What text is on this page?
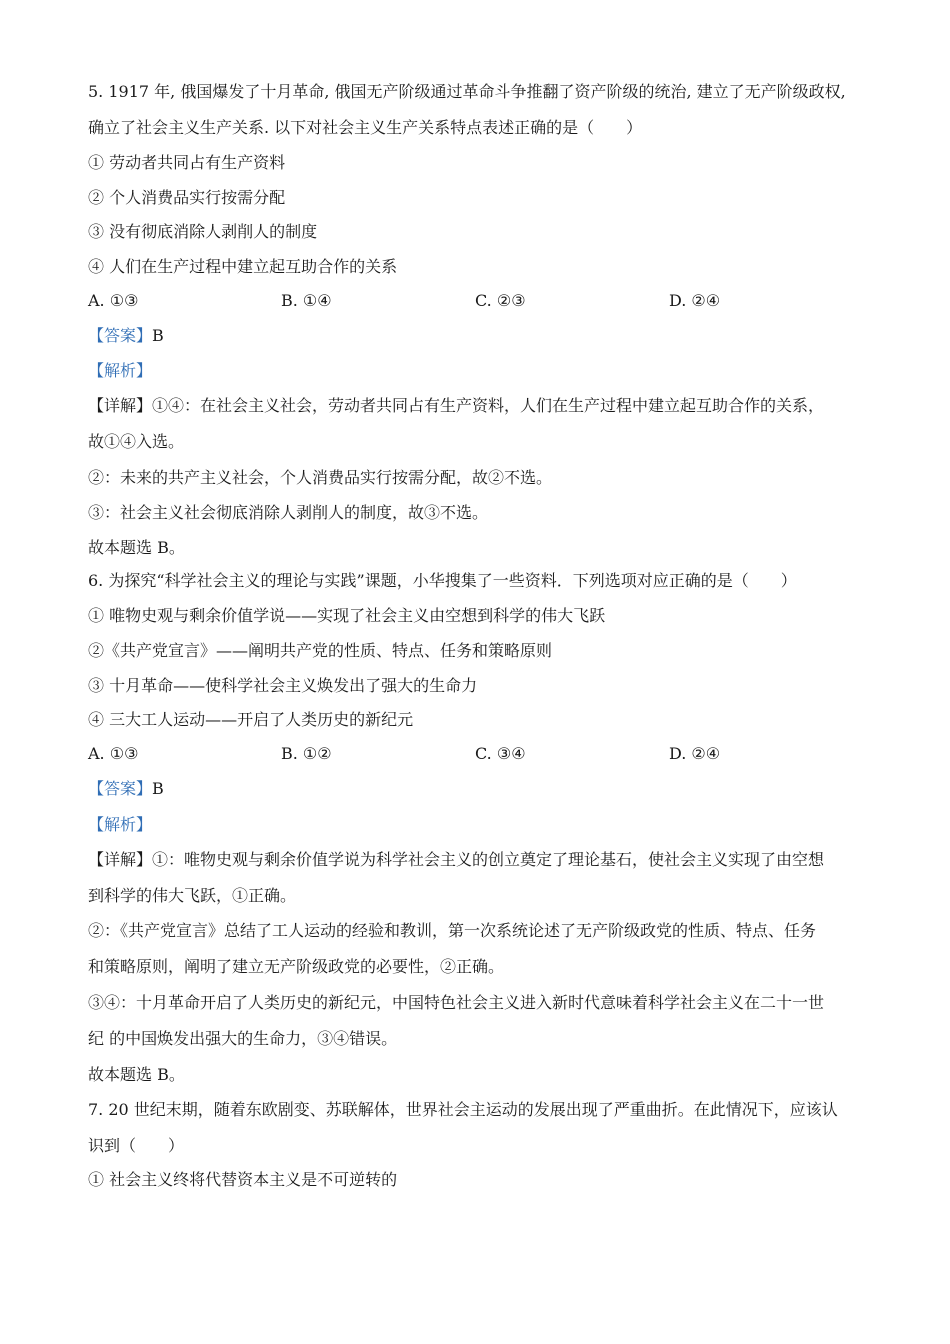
5. 1917 年, 俄国爆发了十月革命, 俄国无产阶级通过革命斗争推翻了资产阶级的统治, 建立了无产阶级政权,
确立了社会主义生产关系. 以下对社会主义生产关系特点表述正确的是（　　）
① 劳动者共同占有生产资料
② 个人消费品实行按需分配
③ 没有彻底消除人剥削人的制度
④ 人们在生产过程中建立起互助合作的关系
A. ①③	B. ①④	C. ②③	D. ②④
【答案】B
【解析】
【详解】①④：在社会主义社会，劳动者共同占有生产资料，人们在生产过程中建立起互助合作的关系，
故①④入选。
②：未来的共产主义社会，个人消费品实行按需分配，故②不选。
③：社会主义社会彻底消除人剥削人的制度，故③不选。
故本题选 B。
6. 为探究“科学社会主义的理论与实践”课题，小华搜集了一些资料．下列选项对应正确的是（　　）
① 唯物史观与剩余价值学说——实现了社会主义由空想到科学的伟大飞跃
②《共产党宣言》——阐明共产党的性质、特点、任务和策略原则
③ 十月革命——使科学社会主义焕发出了强大的生命力
④ 三大工人运动——开启了人类历史的新纪元
A. ①③	B. ①②	C. ③④	D. ②④
【答案】B
【解析】
【详解】①：唯物史观与剩余价值学说为科学社会主义的创立奠定了理论基石，使社会主义实现了由空想
到科学的伟大飞跃，①正确。
②：《共产党宣言》总结了工人运动的经验和教训，第一次系统论述了无产阶级政党的性质、特点、任务
和策略原则，阐明了建立无产阶级政党的必要性，②正确。
③④：十月革命开启了人类历史的新纪元，中国特色社会主义进入新时代意味着科学社会主义在二十一世
纪 的中国焕发出强大的生命力，③④错误。
故本题选 B。
7. 20 世纪末期，随着东欧剧变、苏联解体，世界社会主运动的发展出现了严重曲折。在此情况下，应该认
识到（　　）
① 社会主义终将代替资本主义是不可逆转的
